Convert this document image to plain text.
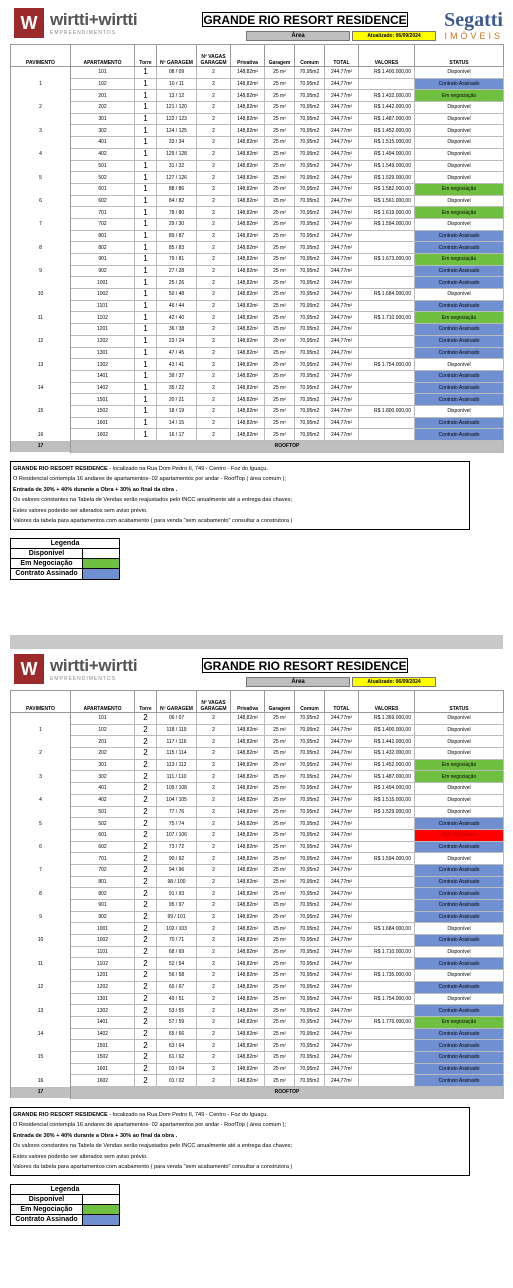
W wirtti+wirtti
EMPREENDIMENTOS
GRANDE RIO RESORT RESIDENCE	Segatti
IMÓVEIS
Área	Atualizado: 06/09/2024
PAVIMENTO	APARTAMENTO	Torre	Nº GARAGEM	Nº VAGAS GARAGEM	Privativa	Garagem	Comum	TOTAL	VALORES	STATUS
	101	1	08 / 09	2	148,82m²	25 m²	70,95m2	244,77m²	R$ 1.400.000,00	Disponível
1	102	1	10 / 11	2	148,82m²	25 m²	70,95m2	244,77m²		Contrato Assinado
	201	1	13 / 12	2	148,82m²	25 m²	70,95m2	244,77m²	R$ 1.432.000,00	Em negociação
2	202	1	121 / 120	2	148,82m²	25 m²	70,95m2	244,77m²	R$ 1.442.000,00	Disponível
	301	1	122 / 123	2	148,82m²	25 m²	70,95m2	244,77m²	R$ 1.487.000,00	Disponível
3	302	1	124 / 125	2	148,82m²	25 m²	70,95m2	244,77m²	R$ 1.452.000,00	Disponível
	401	1	33 / 34	2	148,82m²	25 m²	70,95m2	244,77m²	R$ 1.515.000,00	Disponível
4	402	1	129 / 128	2	148,82m²	25 m²	70,95m2	244,77m²	R$ 1.494.000,00	Disponível
	501	1	31 / 32	2	148,82m²	25 m²	70,95m2	244,77m²	R$ 1.549.000,00	Disponível
5	502	1	127 / 126	2	148,82m²	25 m²	70,95m2	244,77m²	R$ 1.529.000,00	Disponível
	601	1	88 / 86	2	148,82m²	25 m²	70,95m2	244,77m²	R$ 1.582.000,00	Em negociação
6	602	1	84 / 82	2	148,82m²	25 m²	70,95m2	244,77m²	R$ 1.561.000,00	Disponível
	701	1	78 / 80	2	148,82m²	25 m²	70,95m2	244,77m²	R$ 1.619.000,00	Em negociação
7	702	1	29 / 30	2	148,82m²	25 m²	70,95m2	244,77m²	R$ 1.594.000,00	Disponível
	801	1	89 / 87	2	148,82m²	25 m²	70,95m2	244,77m²		Contrato Assinado
8	802	1	85 / 83	2	148,82m²	25 m²	70,95m2	244,77m²		Contrato Assinado
	901	1	79 / 81	2	148,82m²	25 m²	70,95m2	244,77m²	R$ 1.673.000,00	Em negociação
9	902	1	27 / 28	2	148,82m²	25 m²	70,95m2	244,77m²		Contrato Assinado
	1001	1	25 / 26	2	148,82m²	25 m²	70,95m2	244,77m²		Contrato Assinado
10	1002	1	50 / 48	2	148,82m²	25 m²	70,95m2	244,77m²	R$ 1.684.000,00	Disponível
	1101	1	46 / 44	2	148,82m²	25 m²	70,95m2	244,77m²		Contrato Assinado
11	1102	1	42 / 40	2	148,82m²	25 m²	70,95m2	244,77m²	R$ 1.710.000,00	Em negociação
	1201	1	36 / 38	2	148,82m²	25 m²	70,95m2	244,77m²		Contrato Assinado
12	1202	1	23 / 24	2	148,82m²	25 m²	70,95m2	244,77m²		Contrato Assinado
	1301	1	47 / 45	2	148,82m²	25 m²	70,95m2	244,77m²		Contrato Assinado
13	1302	1	43 / 41	2	148,82m²	25 m²	70,95m2	244,77m²	R$ 1.754.000,00	Disponível
	1401	1	39 / 37	2	148,82m²	25 m²	70,95m2	244,77m²		Contrato Assinado
14	1402	1	35 / 22	2	148,82m²	25 m²	70,95m2	244,77m²		Contrato Assinado
	1501	1	20 / 21	2	148,82m²	25 m²	70,95m2	244,77m²		Contrato Assinado
15	1502	1	18 / 19	2	148,82m²	25 m²	70,95m2	244,77m²	R$ 1.800.000,00	Disponível
	1601	1	14 / 15	2	148,82m²	25 m²	70,95m2	244,77m²		Contrato Assinado
16	1602	1	16 / 17	2	148,82m²	25 m²	70,95m2	244,77m²		Contrato Assinado
17	ROOFTOP									
GRANDE RIO RESORT RESIDENCE - localizado na Rua Dom Pedro II, 749 - Centro - Foz do Iguaçu.
O Residencial contempla 16 andares de apartamentos- 02 apartamentos por andar - RoofTop ( área comum );
Entrada de 30% + 40% durante a Obra + 30% ao final da obra .
Os valores constantes na Tabela de Vendas serão reajustados pelo INCC anualmente até a entrega das chaves;
Estes valores poderão ser alterados sem aviso prévio.
Valores da tabela para apartamentos com acabamento ( para venda "sem acabamento" consultar a construtora )
Legenda
Disponível
Em Negociação
Contrato Assinado
W wirtti+wirtti
EMPREENDIMENTOS
GRANDE RIO RESORT RESIDENCE
Área	Atualizado: 06/09/2024
PAVIMENTO	APARTAMENTO	Torre	Nº GARAGEM	Nº VAGAS GARAGEM	Privativa	Garagem	Comum	TOTAL	VALORES	STATUS
	101	2	06 / 07	2	148,82m²	25 m²	70,95m2	244,77m²	R$ 1.369.000,00	Disponível
1	102	2	118 / 119	2	148,82m²	25 m²	70,95m2	244,77m²	R$ 1.400.000,00	Disponível
	201	2	117 / 116	2	148,82m²	25 m²	70,95m2	244,77m²	R$ 1.442.000,00	Disponível
2	202	2	115 / 114	2	148,82m²	25 m²	70,95m2	244,77m²	R$ 1.432.000,00	Disponível
	301	2	113 / 112	2	148,82m²	25 m²	70,95m2	244,77m²	R$ 1.452.000,00	Em negociação
3	302	2	111 / 110	2	148,82m²	25 m²	70,95m2	244,77m²	R$ 1.487.000,00	Em negociação
	401	2	109 / 108	2	148,82m²	25 m²	70,95m2	244,77m²	R$ 1.494.000,00	Disponível
4	402	2	104 / 105	2	148,82m²	25 m²	70,95m2	244,77m²	R$ 1.515.000,00	Disponível
	501	2	77 / 76	2	148,82m²	25 m²	70,95m2	244,77m²	R$ 1.529.000,00	Disponível
5	502	2	75 / 74	2	148,82m²	25 m²	70,95m2	244,77m²		Contrato Assinado
	601	2	107 / 106	2	148,82m²	25 m²	70,95m2	244,77m²		Apto Bloqueado
6	602	2	73 / 72	2	148,82m²	25 m²	70,95m2	244,77m²		Contrato Assinado
	701	2	90 / 92	2	148,82m²	25 m²	70,95m2	244,77m²	R$ 1.594.000,00	Disponível
7	702	2	94 / 96	2	148,82m²	25 m²	70,95m2	244,77m²		Contrato Assinado
	801	2	98 / 100	2	148,82m²	25 m²	70,95m2	244,77m²		Contrato Assinado
8	802	2	91 / 93	2	148,82m²	25 m²	70,95m2	244,77m²		Contrato Assinado
	901	2	95 / 97	2	148,82m²	25 m²	70,95m2	244,77m²		Contrato Assinado
9	902	2	99 / 101	2	148,82m²	25 m²	70,95m2	244,77m²		Contrato Assinado
	1001	2	102 / 103	2	148,82m²	25 m²	70,95m2	244,77m²	R$ 1.684.000,00	Disponível
10	1002	2	70 / 71	2	148,82m²	25 m²	70,95m2	244,77m²		Contrato Assinado
	1101	2	68 / 69	2	148,82m²	25 m²	70,95m2	244,77m²	R$ 1.710.000,00	Disponível
11	1102	2	52 / 54	2	148,82m²	25 m²	70,95m2	244,77m²		Contrato Assinado
	1201	2	56 / 58	2	148,82m²	25 m²	70,95m2	244,77m²	R$ 1.735.000,00	Disponível
12	1202	2	60 / 67	2	148,82m²	25 m²	70,95m2	244,77m²		Contrato Assinado
	1301	2	49 / 51	2	148,82m²	25 m²	70,95m2	244,77m²	R$ 1.754.000,00	Disponível
13	1302	2	53 / 55	2	148,82m²	25 m²	70,95m2	244,77m²		Contrato Assinado
	1401	2	57 / 59	2	148,82m²	25 m²	70,95m2	244,77m²	R$ 1.776.000,00	Em negociação
14	1402	2	65 / 66	2	148,82m²	25 m²	70,95m2	244,77m²		Contrato Assinado
	1501	2	63 / 64	2	148,82m²	25 m²	70,95m2	244,77m²		Contrato Assinado
15	1502	2	61 / 62	2	148,82m²	25 m²	70,95m2	244,77m²		Contrato Assinado
	1601	2	03 / 04	2	148,82m²	25 m²	70,95m2	244,77m²		Contrato Assinado
16	1602	2	01 / 02	2	148,82m²	25 m²	70,95m2	244,77m²		Contrato Assinado
17	ROOFTOP									
GRANDE RIO RESORT RESIDENCE - localizado na Rua Dom Pedro II, 749 - Centro - Foz do Iguaçu.
O Residencial contempla 16 andares de apartamentos- 02 apartamentos por andar - RoofTop ( área comum );
Entrada de 30% + 40% durante a Obra + 30% ao final da obra .
Os valores constantes na Tabela de Vendas serão reajustados pelo INCC anualmente até a entrega das chaves;
Estes valores poderão ser alterados sem aviso prévio.
Valores da tabela para apartamentos com acabamento ( para venda "sem acabamento" consultar a construtora )
Legenda
Disponível
Em Negociação
Contrato Assinado
